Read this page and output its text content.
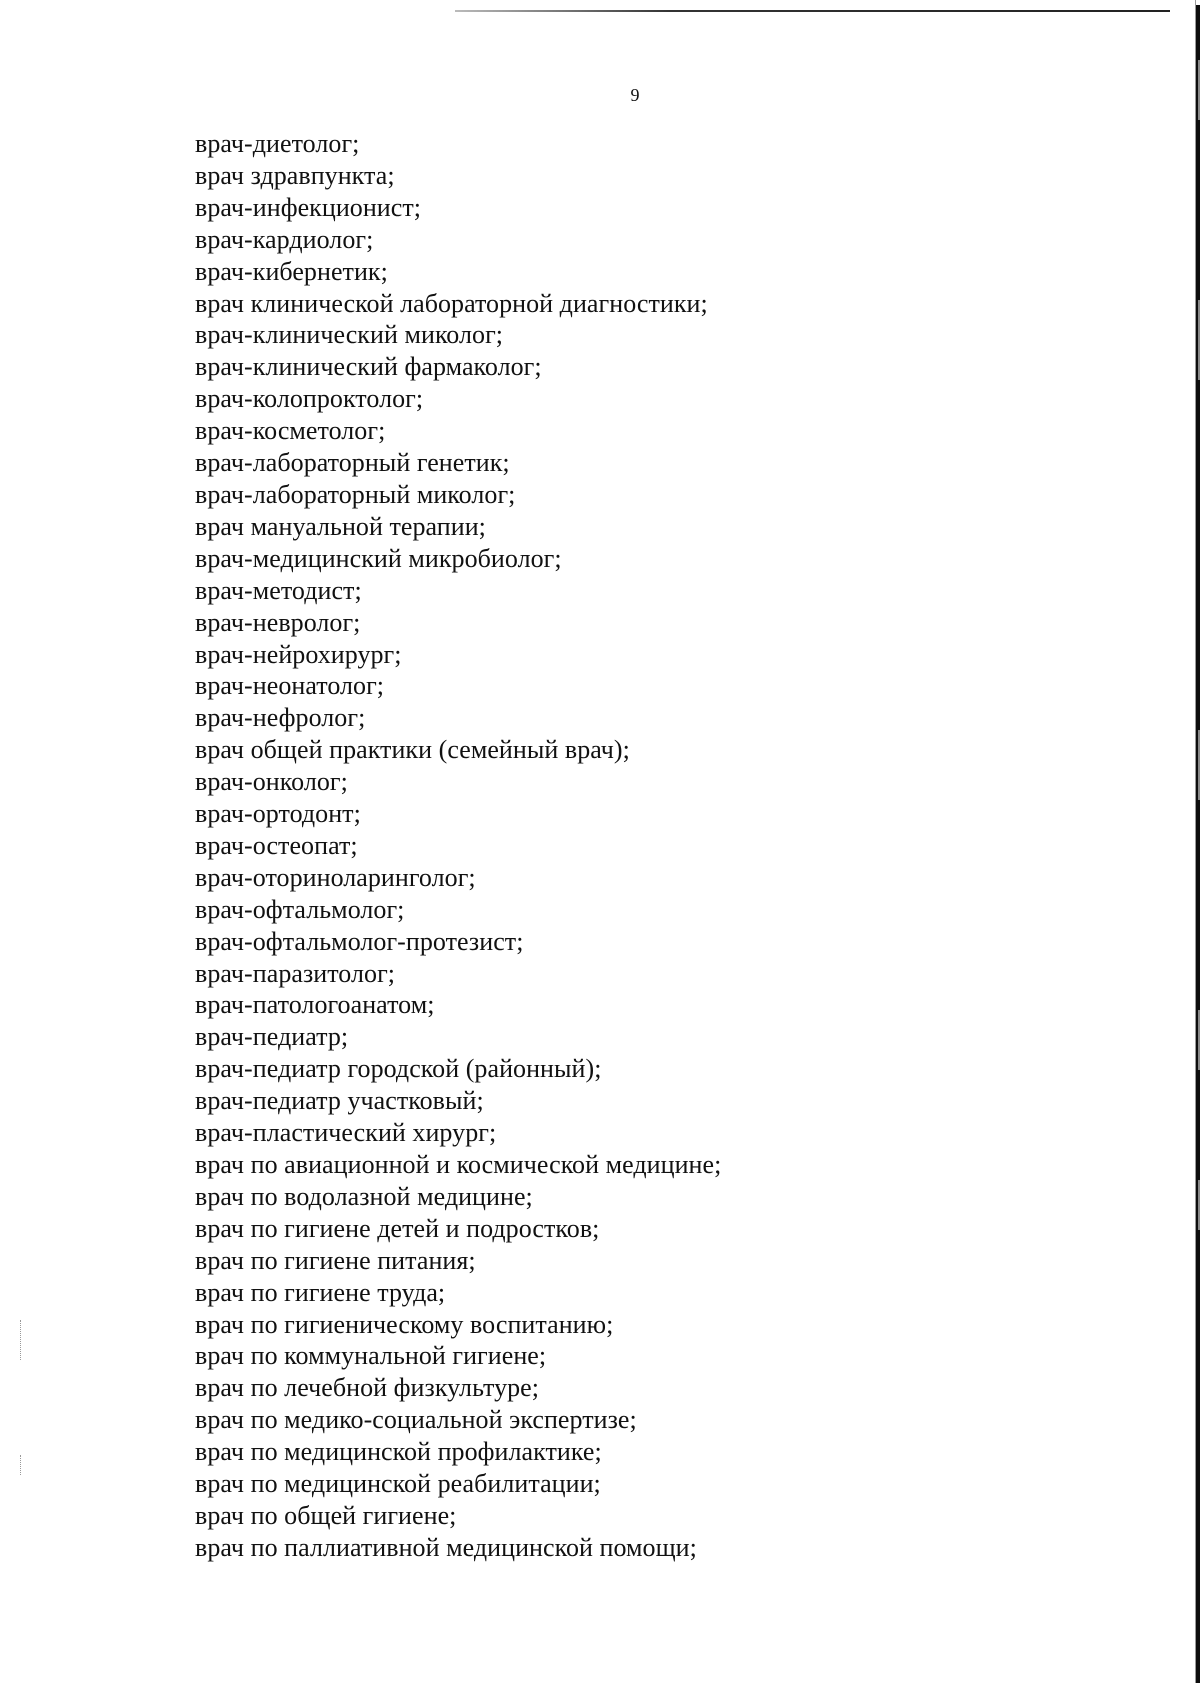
9
врач-диетолог;
врач здравпункта;
врач-инфекционист;
врач-кардиолог;
врач-кибернетик;
врач клинической лабораторной диагностики;
врач-клинический миколог;
врач-клинический фармаколог;
врач-колопроктолог;
врач-косметолог;
врач-лабораторный генетик;
врач-лабораторный миколог;
врач мануальной терапии;
врач-медицинский микробиолог;
врач-методист;
врач-невролог;
врач-нейрохирург;
врач-неонатолог;
врач-нефролог;
врач общей практики (семейный врач);
врач-онколог;
врач-ортодонт;
врач-остеопат;
врач-оториноларинголог;
врач-офтальмолог;
врач-офтальмолог-протезист;
врач-паразитолог;
врач-патологоанатом;
врач-педиатр;
врач-педиатр городской (районный);
врач-педиатр участковый;
врач-пластический хирург;
врач по авиационной и космической медицине;
врач по водолазной медицине;
врач по гигиене детей и подростков;
врач по гигиене питания;
врач по гигиене труда;
врач по гигиеническому воспитанию;
врач по коммунальной гигиене;
врач по лечебной физкультуре;
врач по медико-социальной экспертизе;
врач по медицинской профилактике;
врач по медицинской реабилитации;
врач по общей гигиене;
врач по паллиативной медицинской помощи;
